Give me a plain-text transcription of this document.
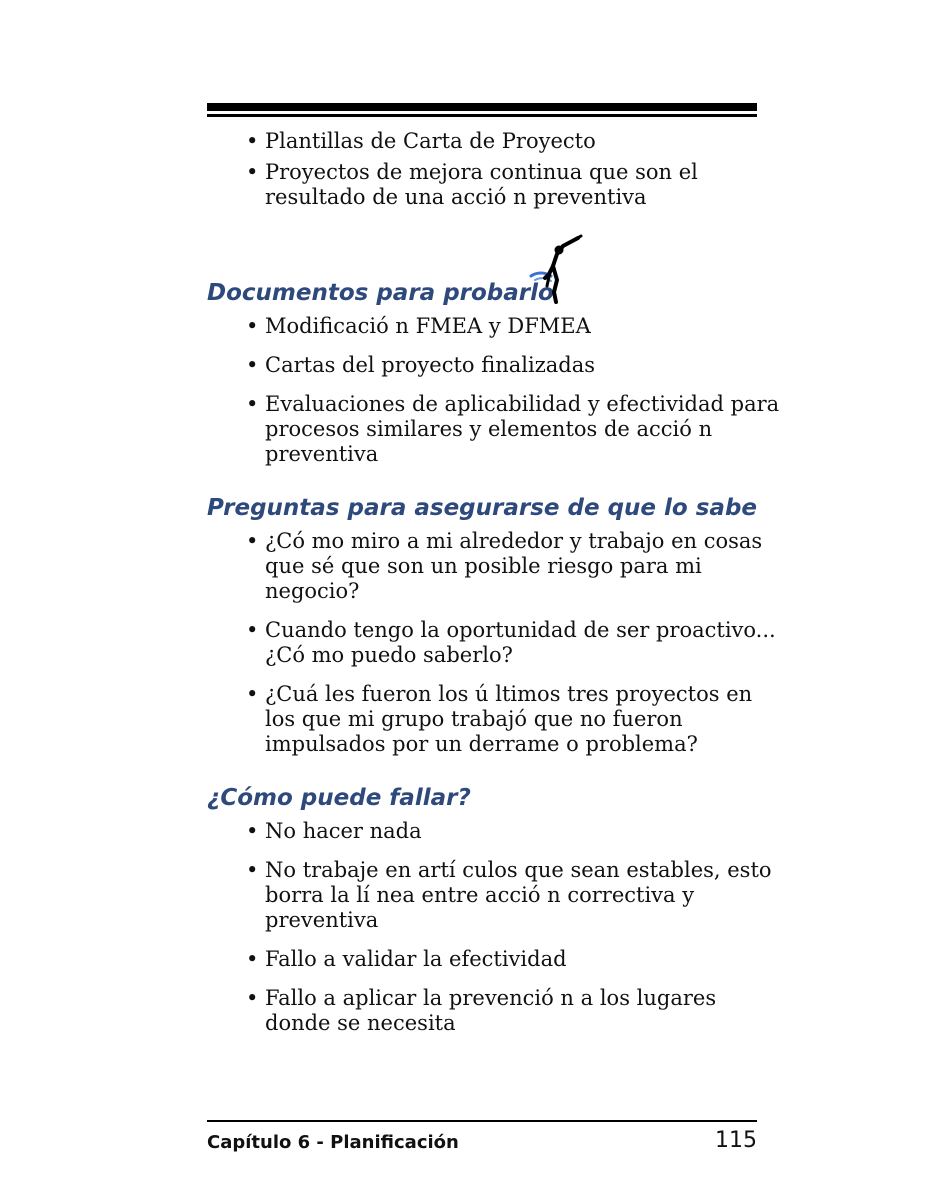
• Plantillas de Carta de Proyecto
• Proyectos de mejora continua que son el resultado de una acció n preventiva
Documentos para probarlo
• Modificació n FMEA y DFMEA
• Cartas del proyecto finalizadas
• Evaluaciones de aplicabilidad y efectividad para procesos similares y elementos de acció n preventiva
Preguntas para asegurarse de que lo sabe
• ¿Có mo miro a mi alrededor y trabajo en cosas que sé que son un posible riesgo para mi negocio?
• Cuando tengo la oportunidad de ser proactivo... ¿Có mo puedo saberlo?
• ¿Cuá les fueron los ú ltimos tres proyectos en los que mi grupo trabajó que no fueron impulsados por un derrame o problema?
¿Cómo puede fallar?
• No hacer nada
• No trabaje en artí culos que sean estables, esto borra la lí nea entre acció n correctiva y preventiva
• Fallo a validar la efectividad
• Fallo a aplicar la prevenció n a los lugares donde se necesita
Capítulo 6 - Planificación	115
